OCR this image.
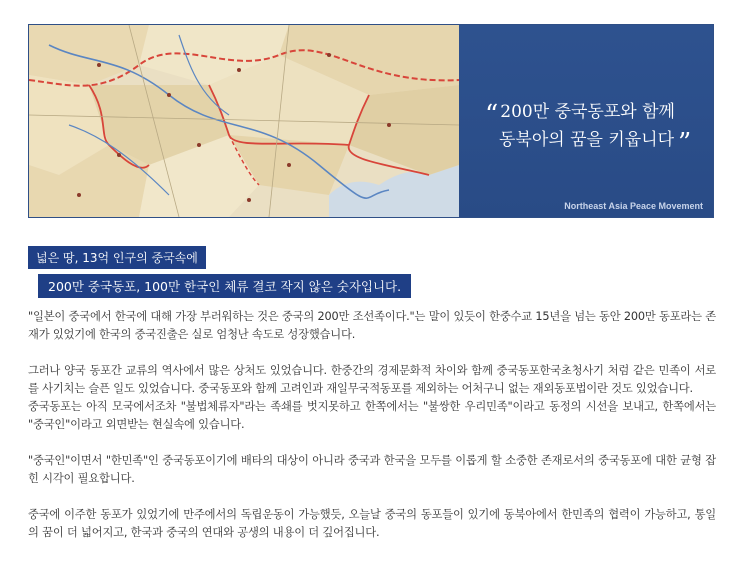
“ 200만 중국동포와 함께
동북아의 꿈을 키웁니다 ”
Northeast Asia Peace Movement
넓은 땅, 13억 인구의 중국속에
200만 중국동포, 100만 한국인 체류 결코 작지 않은 숫자입니다.

"일본이 중국에서 한국에 대해 가장 부러워하는 것은 중국의 200만 조선족이다."는 말이 있듯이 한중수교 15년을 넘는 동안 200만 동포라는 존재가 있었기에 한국의 중국진출은 실로 엄청난 속도로 성장했습니다.

그러나 양국 동포간 교류의 역사에서 많은 상처도 있었습니다. 한중간의 경제문화적 차이와 함께 중국동포한국초청사기 처럼 같은 민족이 서로를 사기치는 슬픈 일도 있었습니다. 중국동포와 함께 고려인과 재일무국적동포를 제외하는 어처구니 없는 재외동포법이란 것도 있었습니다.

중국동포는 아직 모국에서조차 "불법체류자"라는 족쇄를 벗지못하고 한쪽에서는 "불쌍한 우리민족"이라고 동정의 시선을 보내고, 한쪽에서는 "중국인"이라고 외면받는 현실속에 있습니다.

"중국인"이면서 "한민족"인 중국동포이기에 배타의 대상이 아니라 중국과 한국을 모두를 이롭게 할 소중한 존재로서의 중국동포에 대한 균형 잡힌 시각이 필요합니다.

중국에 이주한 동포가 있었기에 만주에서의 독립운동이 가능했듯, 오늘날 중국의 동포들이 있기에 동북아에서 한민족의 협력이 가능하고, 통일의 꿈이 더 넓어지고, 한국과 중국의 연대와 공생의 내용이 더 깊어집니다.
